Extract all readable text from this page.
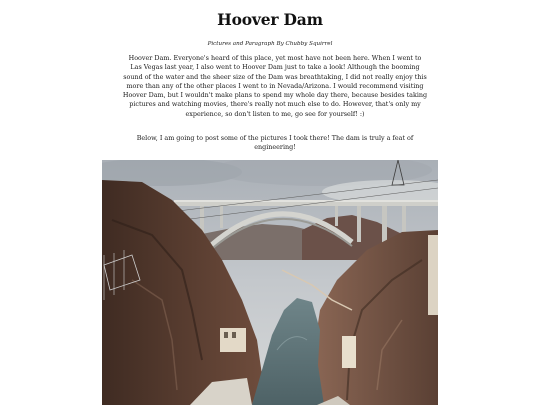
Hoover Dam

Pictures and Paragraph By Chubby Squirrel

Hoover Dam. Everyone's heard of this place, yet most have not been here. When I went to Las Vegas last year, I also went to Hoover Dam just to take a look! Although the booming sound of the water and the sheer size of the Dam was breathtaking, I did not really enjoy this more than any of the other places I went to in Nevada/Arizona. I would recommend visiting Hoover Dam, but I wouldn't make plans to spend my whole day there, because besides taking pictures and watching movies, there's really not much else to do. However, that's only my experience, so don't listen to me, go see for yourself! :)

Below, I am going to post some of the pictures I took there! The dam is truly a feat of engineering!
